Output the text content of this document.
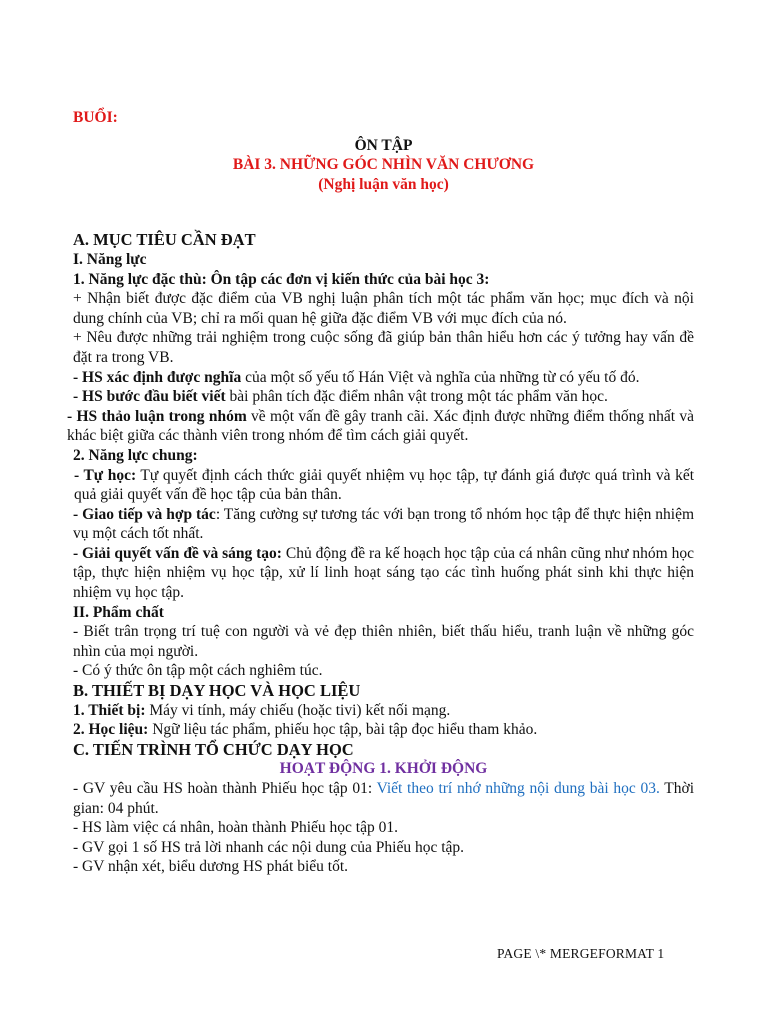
BUỔI:

ÔN TẬP

BÀI 3. NHỮNG GÓC NHÌN VĂN CHƯƠNG

(Nghị luận văn học)

A. MỤC TIÊU CẦN ĐẠT

I. Năng lực

1. Năng lực đặc thù: Ôn tập các đơn vị kiến thức của bài học 3:

+ Nhận biết được đặc điểm của VB nghị luận phân tích một tác phẩm văn học; mục đích và nội dung chính của VB; chỉ ra mối quan hệ giữa đặc điểm VB với mục đích của nó.

+ Nêu được những trải nghiệm trong cuộc sống đã giúp bản thân hiểu hơn các ý tưởng hay vấn đề đặt ra trong VB.

- HS xác định được nghĩa của một số yếu tố Hán Việt và nghĩa của những từ có yếu tố đó.

- HS bước đầu biết viết bài phân tích đặc điểm nhân vật trong một tác phẩm văn học.

- HS thảo luận trong nhóm về một vấn đề gây tranh cãi. Xác định được những điểm thống nhất và khác biệt giữa các thành viên trong nhóm để tìm cách giải quyết.

2. Năng lực chung:

- Tự học: Tự quyết định cách thức giải quyết nhiệm vụ học tập, tự đánh giá được quá trình và kết quả giải quyết vấn đề học tập của bản thân.

- Giao tiếp và hợp tác: Tăng cường sự tương tác với bạn trong tổ nhóm học tập để thực hiện nhiệm vụ một cách tốt nhất.

- Giải quyết vấn đề và sáng tạo: Chủ động đề ra kế hoạch học tập của cá nhân cũng như nhóm học tập, thực hiện nhiệm vụ học tập, xử lí linh hoạt sáng tạo các tình huống phát sinh khi thực hiện nhiệm vụ học tập.

II. Phẩm chất

- Biết trân trọng trí tuệ con người và vẻ đẹp thiên nhiên, biết thấu hiểu, tranh luận về những góc nhìn của mọi người.

- Có ý thức ôn tập một cách nghiêm túc.

B. THIẾT BỊ DẠY HỌC VÀ HỌC LIỆU

1. Thiết bị: Máy vi tính, máy chiếu (hoặc tivi) kết nối mạng.

2. Học liệu: Ngữ liệu tác phẩm, phiếu học tập, bài tập đọc hiểu tham khảo.

C. TIẾN TRÌNH TỔ CHỨC DẠY HỌC

HOẠT ĐỘNG 1. KHỞI ĐỘNG

- GV yêu cầu HS hoàn thành Phiếu học tập 01: Viết theo trí nhớ những nội dung bài học 03. Thời gian: 04 phút.

- HS làm việc cá nhân, hoàn thành Phiếu học tập 01.

- GV gọi 1 số HS trả lời nhanh các nội dung của Phiếu học tập.

- GV nhận xét, biểu dương HS phát biểu tốt.

PAGE \* MERGEFORMAT 1
